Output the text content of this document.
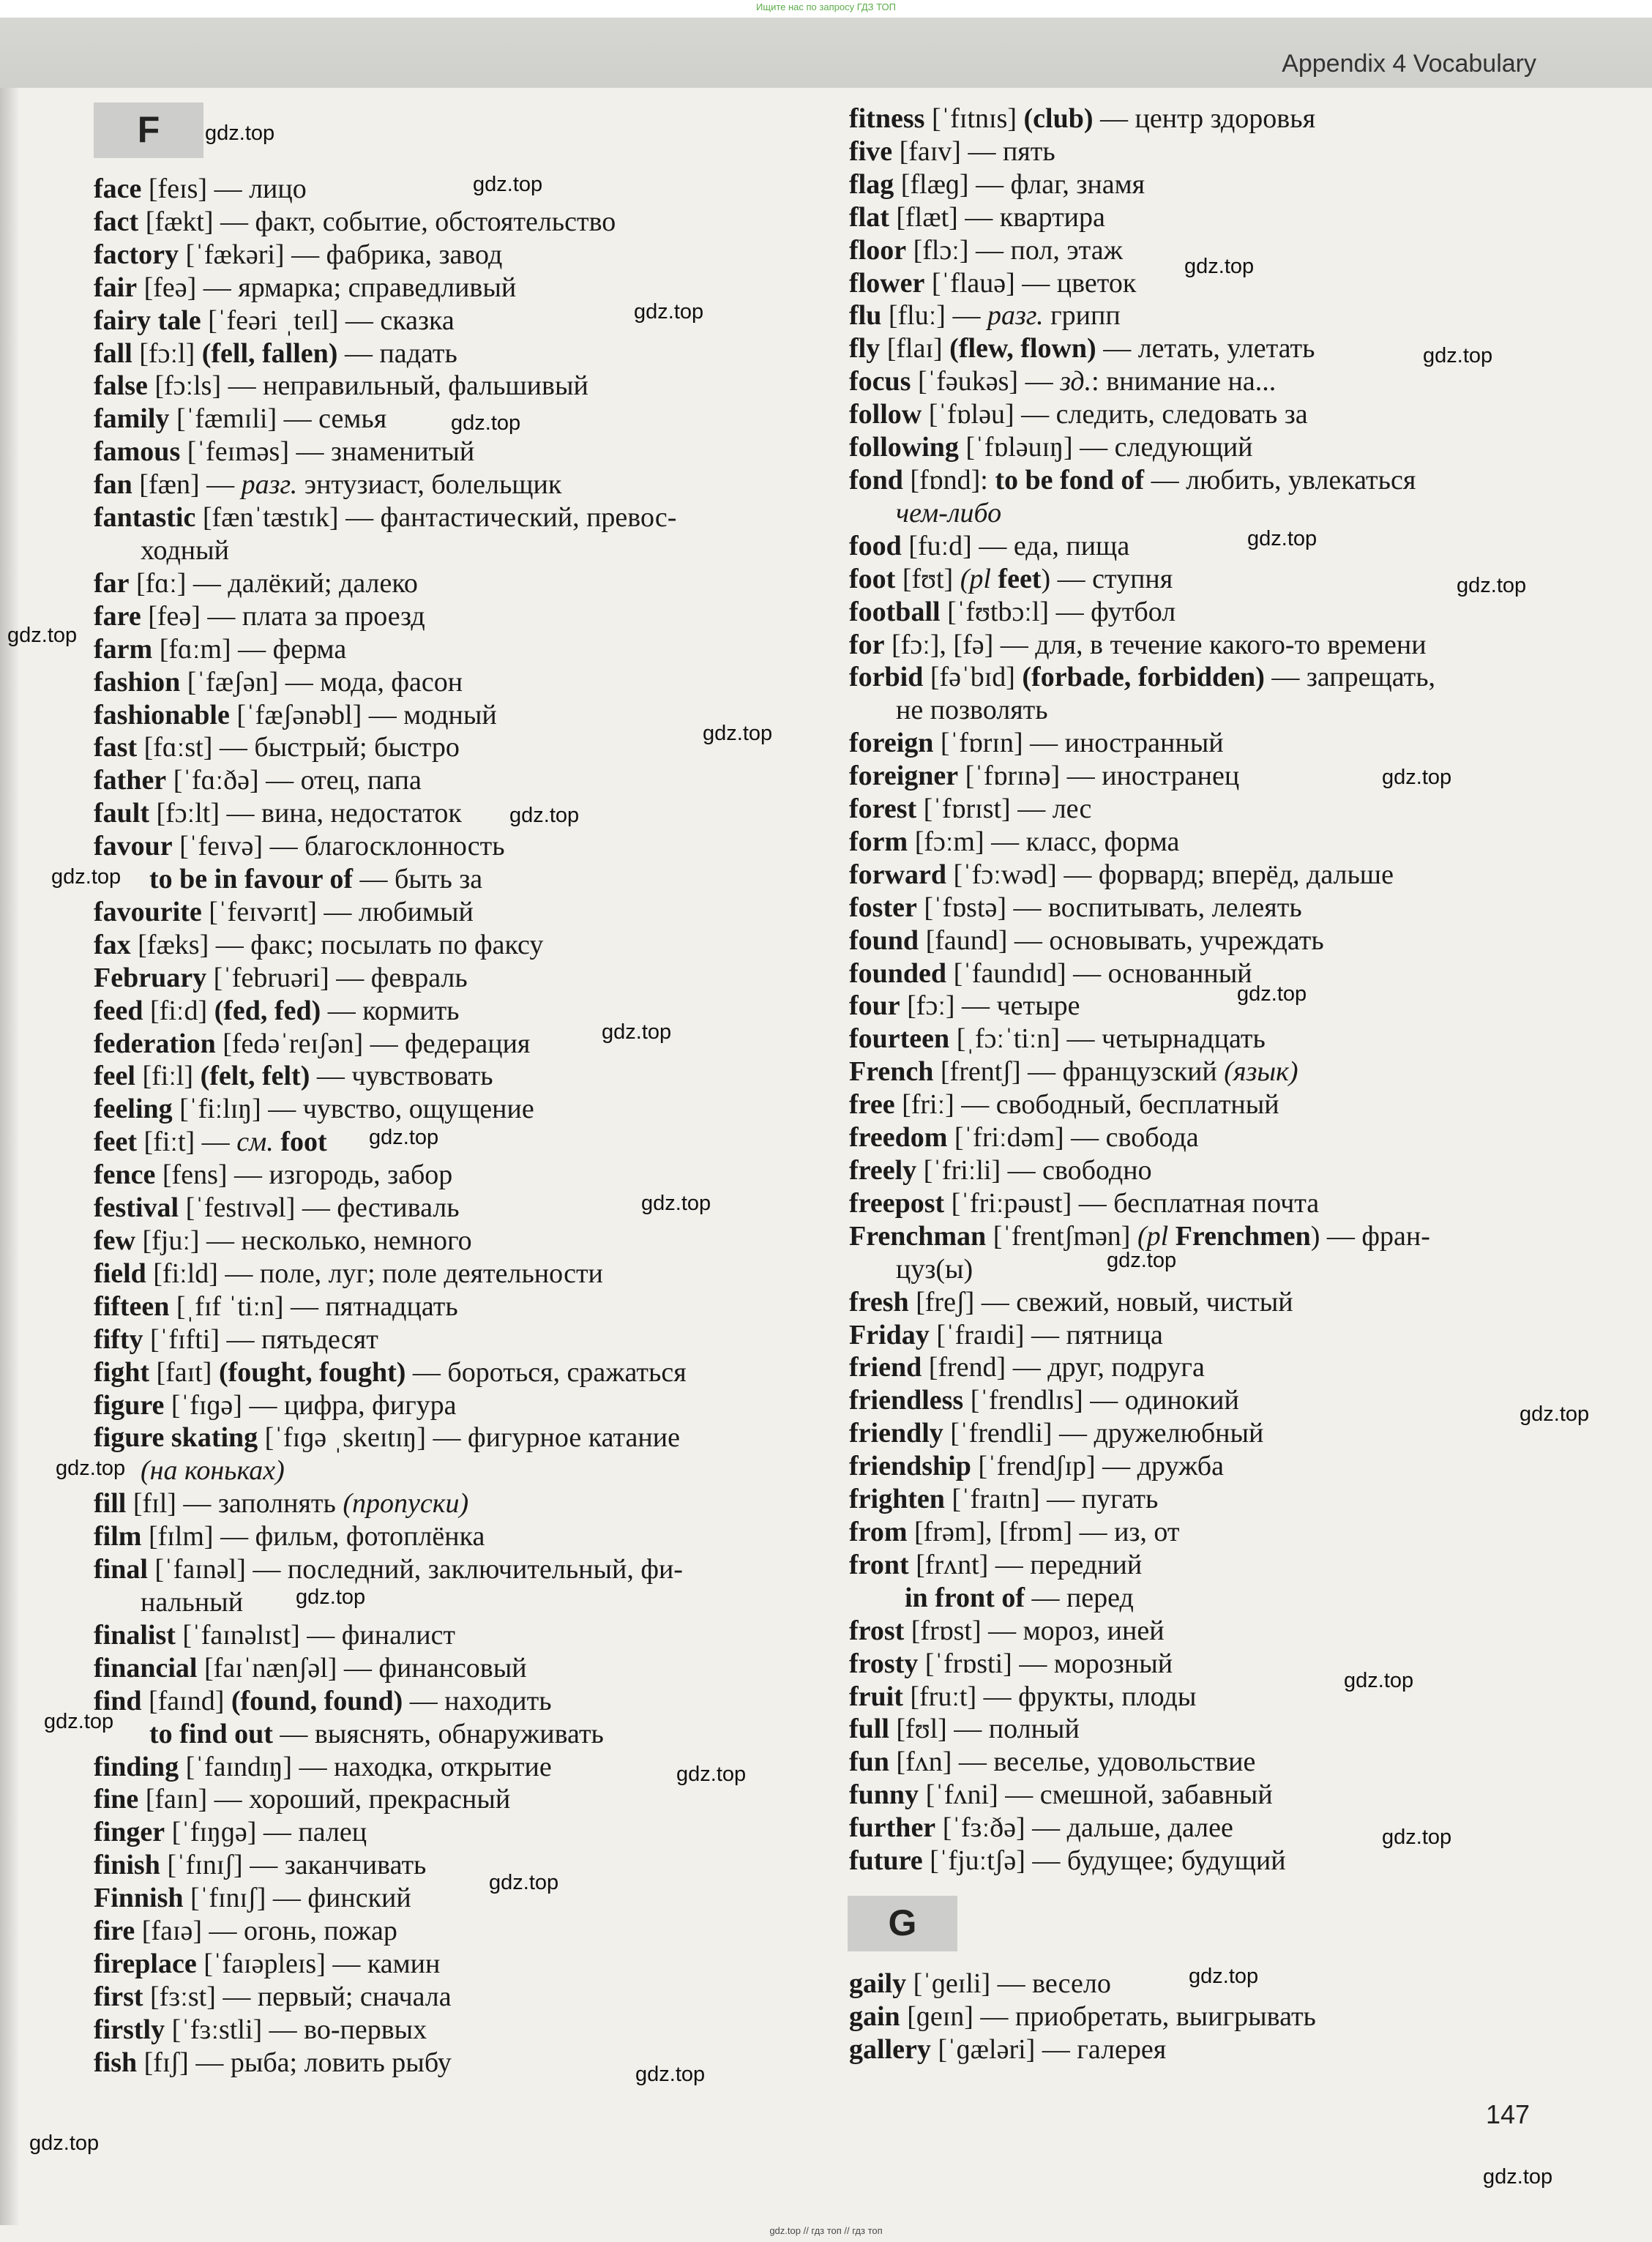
Ищите нас по запросу ГДЗ ТОП
Appendix 4 Vocabulary
F
face [feɪs] — лицо
fact [fækt] — факт, событие, обстоятельство
factory [ˈfækəri] — фабрика, завод
fair [feə] — ярмарка; справедливый
fairy tale [ˈfeəri ˌteɪl] — сказка
fall [fɔːl] (fell, fallen) — падать
false [fɔːls] — неправильный, фальшивый
family [ˈfæmɪli] — семья
famous [ˈfeɪməs] — знаменитый
fan [fæn] — разг. энтузиаст, болельщик
fantastic [fænˈtæstɪk] — фантастический, превос-
ходный
far [fɑː] — далёкий; далеко
fare [feə] — плата за проезд
farm [fɑːm] — ферма
fashion [ˈfæʃən] — мода, фасон
fashionable [ˈfæʃənəbl] — модный
fast [fɑːst] — быстрый; быстро
father [ˈfɑːðə] — отец, папа
fault [fɔːlt] — вина, недостаток
favour [ˈfeɪvə] — благосклонность
to be in favour of — быть за
favourite [ˈfeɪvərɪt] — любимый
fax [fæks] — факс; посылать по факсу
February [ˈfebruəri] — февраль
feed [fiːd] (fed, fed) — кормить
federation [fedəˈreɪʃən] — федерация
feel [fiːl] (felt, felt) — чувствовать
feeling [ˈfiːlɪŋ] — чувство, ощущение
feet [fiːt] — см. foot
fence [fens] — изгородь, забор
festival [ˈfestɪvəl] — фестиваль
few [fjuː] — несколько, немного
field [fiːld] — поле, луг; поле деятельности
fifteen [ˌfɪf ˈtiːn] — пятнадцать
fifty [ˈfɪfti] — пятьдесят
fight [faɪt] (fought, fought) — бороться, сражаться
figure [ˈfɪɡə] — цифра, фигура
figure skating [ˈfɪɡə ˌskeɪtɪŋ] — фигурное катание
(на коньках)
fill [fɪl] — заполнять (пропуски)
film [fɪlm] — фильм, фотоплёнка
final [ˈfaɪnəl] — последний, заключительный, фи-
нальный
finalist [ˈfaɪnəlɪst] — финалист
financial [faɪˈnænʃəl] — финансовый
find [faɪnd] (found, found) — находить
to find out — выяснять, обнаруживать
finding [ˈfaɪndɪŋ] — находка, открытие
fine [faɪn] — хороший, прекрасный
finger [ˈfɪŋɡə] — палец
finish [ˈfɪnɪʃ] — заканчивать
Finnish [ˈfɪnɪʃ] — финский
fire [faɪə] — огонь, пожар
fireplace [ˈfaɪəpleɪs] — камин
first [fɜːst] — первый; сначала
firstly [ˈfɜːstli] — во-первых
fish [fɪʃ] — рыба; ловить рыбу
fitness [ˈfɪtnɪs] (club) — центр здоровья
five [faɪv] — пять
flag [flæɡ] — флаг, знамя
flat [flæt] — квартира
floor [flɔː] — пол, этаж
flower [ˈflauə] — цветок
flu [fluː] — разг. грипп
fly [flaɪ] (flew, flown) — летать, улетать
focus [ˈfəukəs] — зд.: внимание на...
follow [ˈfɒləu] — следить, следовать за
following [ˈfɒləuɪŋ] — следующий
fond [fɒnd]: to be fond of — любить, увлекаться
чем-либо
food [fuːd] — еда, пища
foot [fʊt] (pl feet) — ступня
football [ˈfʊtbɔːl] — футбол
for [fɔː], [fə] — для, в течение какого-то времени
forbid [fəˈbɪd] (forbade, forbidden) — запрещать,
не позволять
foreign [ˈfɒrɪn] — иностранный
foreigner [ˈfɒrɪnə] — иностранец
forest [ˈfɒrɪst] — лес
form [fɔːm] — класс, форма
forward [ˈfɔːwəd] — форвард; вперёд, дальше
foster [ˈfɒstə] — воспитывать, лелеять
found [faund] — основывать, учреждать
founded [ˈfaundɪd] — основанный
four [fɔː] — четыре
fourteen [ˌfɔːˈtiːn] — четырнадцать
French [frentʃ] — французский (язык)
free [friː] — свободный, бесплатный
freedom [ˈfriːdəm] — свобода
freely [ˈfriːli] — свободно
freepost [ˈfriːpəust] — бесплатная почта
Frenchman [ˈfrentʃmən] (pl Frenchmen) — фран-
цуз(ы)
fresh [freʃ] — свежий, новый, чистый
Friday [ˈfraɪdi] — пятница
friend [frend] — друг, подруга
friendless [ˈfrendlɪs] — одинокий
friendly [ˈfrendli] — дружелюбный
friendship [ˈfrendʃɪp] — дружба
frighten [ˈfraɪtn] — пугать
from [frəm], [frɒm] — из, от
front [frʌnt] — передний
in front of — перед
frost [frɒst] — мороз, иней
frosty [ˈfrɒsti] — морозный
fruit [fruːt] — фрукты, плоды
full [fʊl] — полный
fun [fʌn] — веселье, удовольствие
funny [ˈfʌni] — смешной, забавный
further [ˈfɜːðə] — дальше, далее
future [ˈfjuːtʃə] — будущее; будущий
G
gaily [ˈɡeɪli] — весело
gain [ɡeɪn] — приобретать, выигрывать
gallery [ˈɡæləri] — галерея
147
gdz.top
gdz.top
gdz.top
gdz.top
gdz.top
gdz.top
gdz.top
gdz.top
gdz.top
gdz.top
gdz.top
gdz.top
gdz.top
gdz.top
gdz.top
gdz.top
gdz.top
gdz.top
gdz.top
gdz.top
gdz.top
gdz.top
gdz.top
gdz.top
gdz.top
gdz.top
gdz.top
gdz.top
gdz.top
gdz.top
gdz.top // гдз топ // гдз топ
